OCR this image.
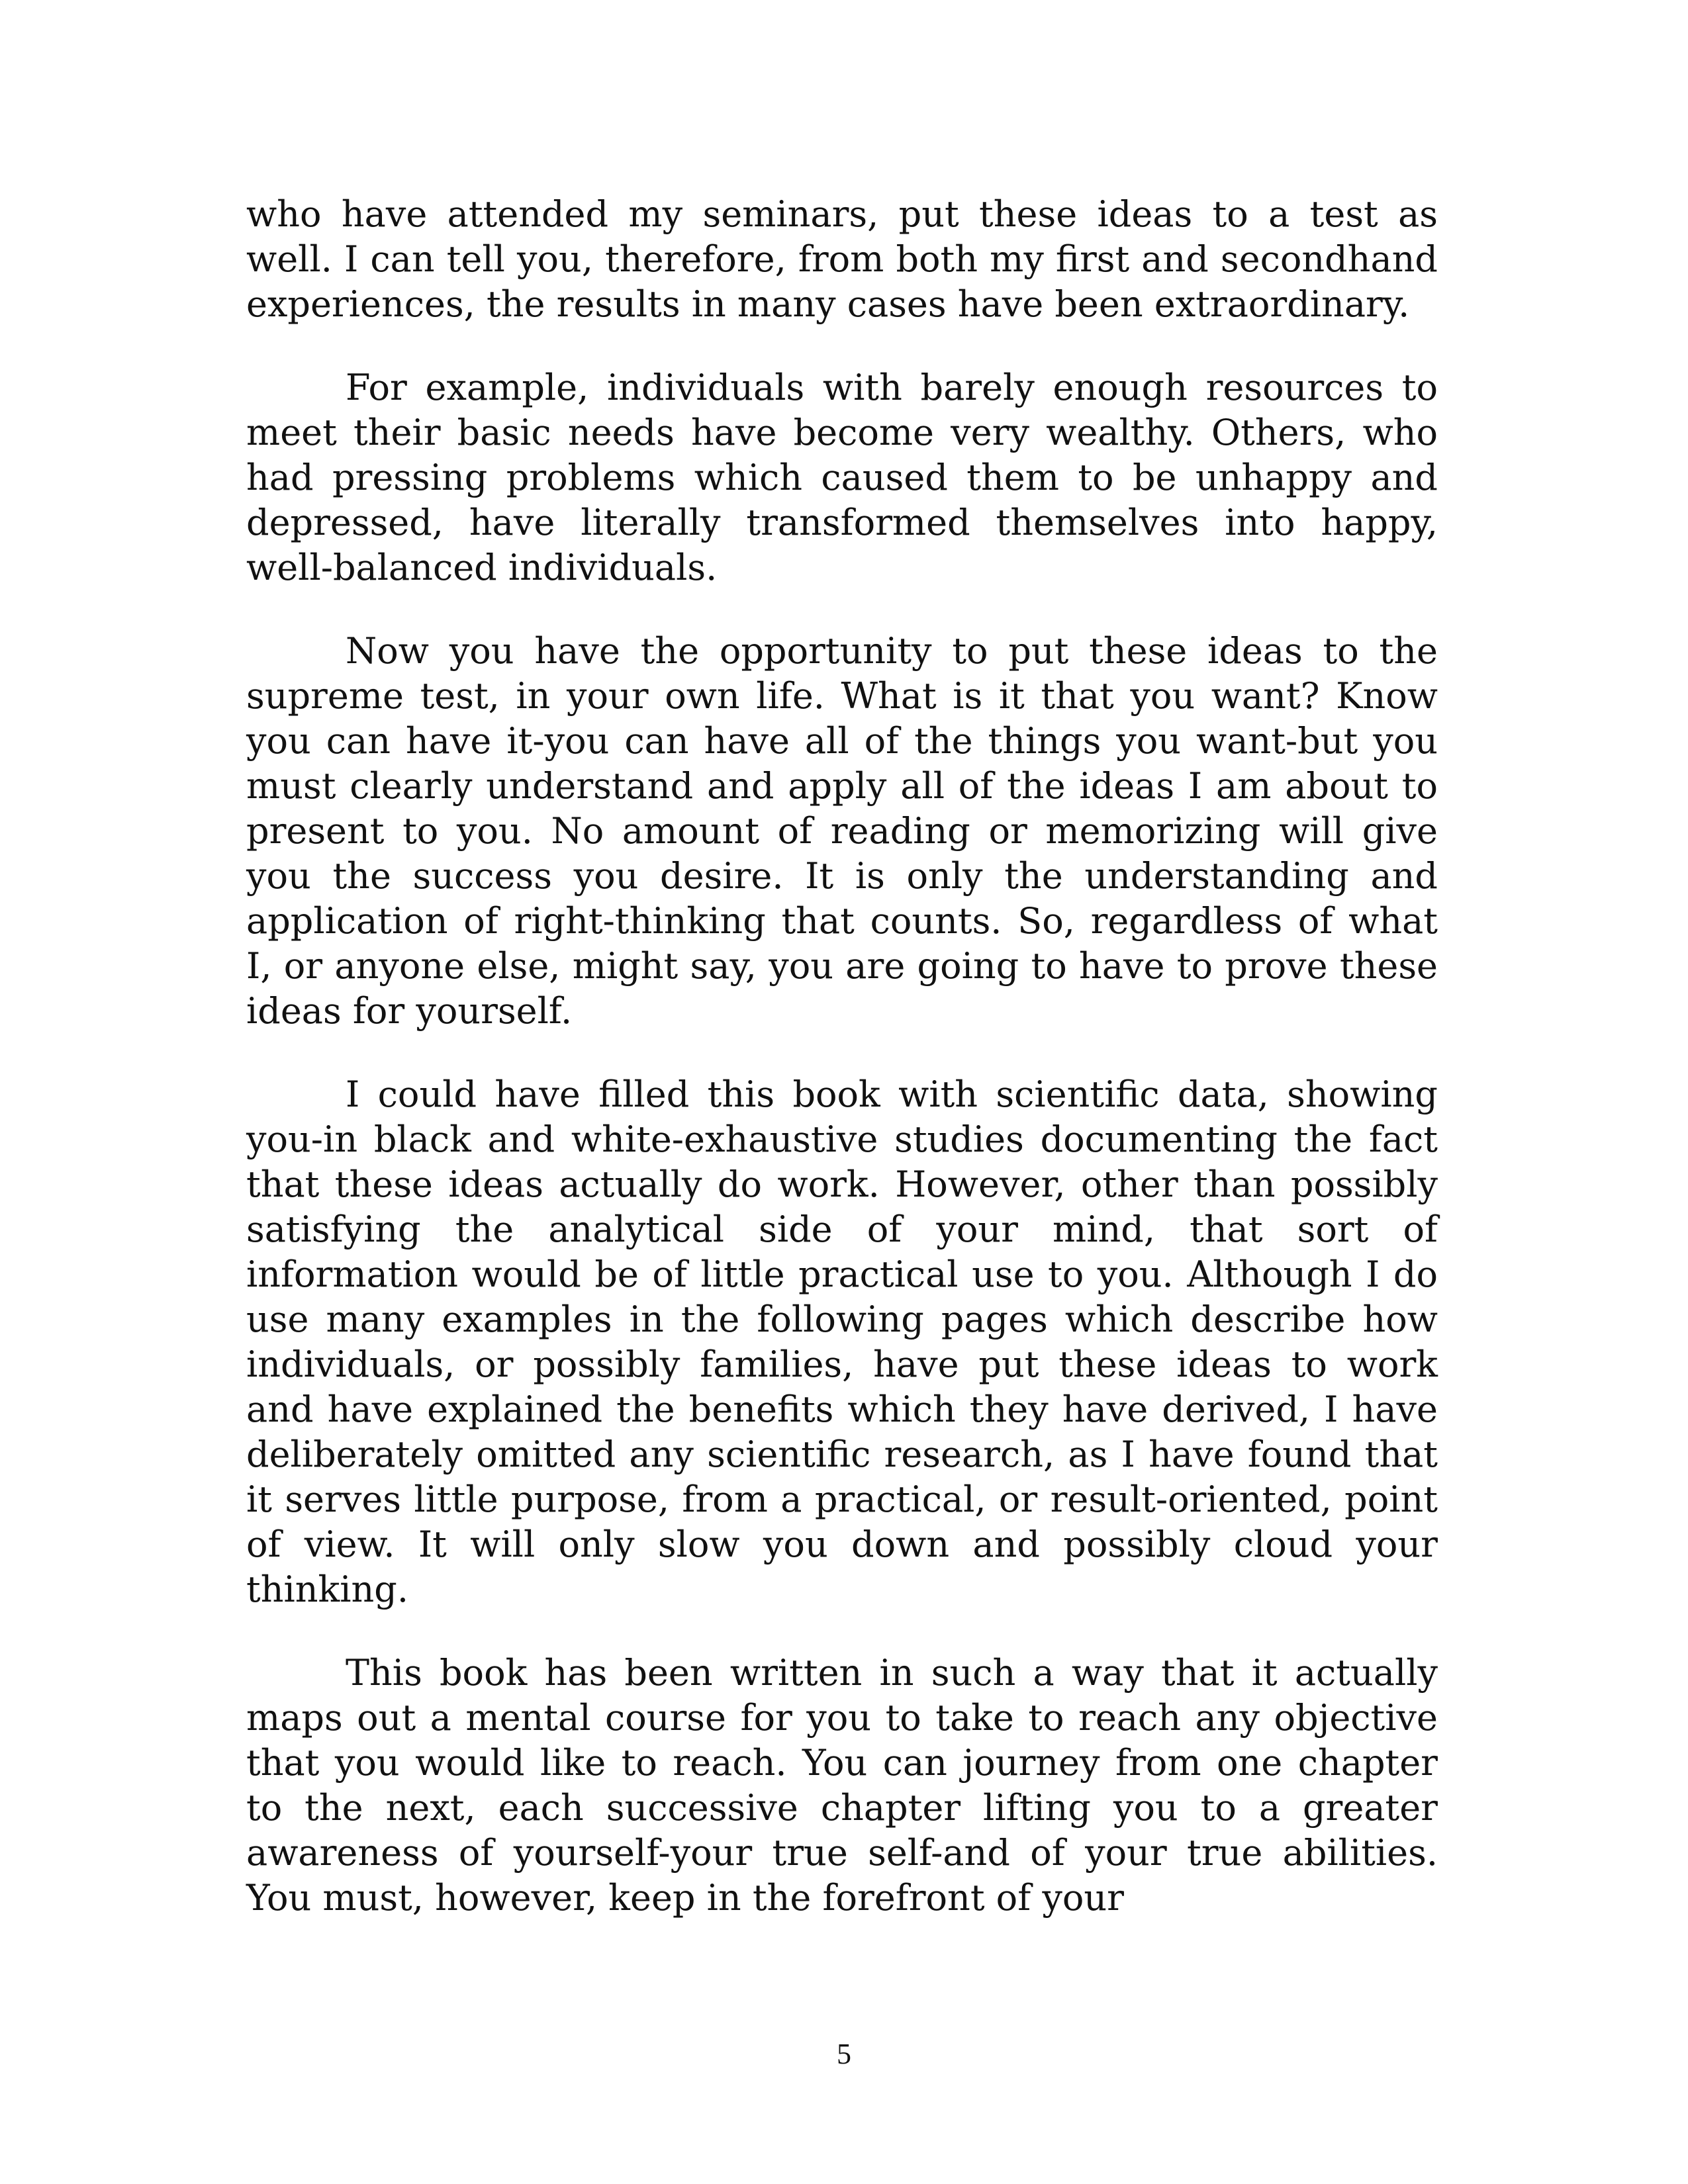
who have attended my seminars, put these ideas to a test as well. I can tell you, therefore, from both my first and secondhand experiences, the results in many cases have been extraordinary.

For example, individuals with barely enough resources to meet their basic needs have become very wealthy. Others, who had pressing problems which caused them to be unhappy and depressed, have literally transformed themselves into happy, well-balanced individuals.

Now you have the opportunity to put these ideas to the supreme test, in your own life. What is it that you want? Know you can have it-you can have all of the things you want-but you must clearly understand and apply all of the ideas I am about to present to you. No amount of reading or memorizing will give you the success you desire. It is only the understanding and application of right-thinking that counts. So, regardless of what I, or anyone else, might say, you are going to have to prove these ideas for yourself.

I could have filled this book with scientific data, showing you-in black and white-exhaustive studies documenting the fact that these ideas actually do work. However, other than possibly satisfying the analytical side of your mind, that sort of information would be of little practical use to you. Although I do use many examples in the following pages which describe how individuals, or possibly families, have put these ideas to work and have explained the benefits which they have derived, I have deliberately omitted any scientific research, as I have found that it serves little purpose, from a practical, or result-oriented, point of view. It will only slow you down and possibly cloud your thinking.

This book has been written in such a way that it actually maps out a mental course for you to take to reach any objective that you would like to reach. You can journey from one chapter to the next, each successive chapter lifting you to a greater awareness of yourself-your true self-and of your true abilities. You must, however, keep in the forefront of your

5
